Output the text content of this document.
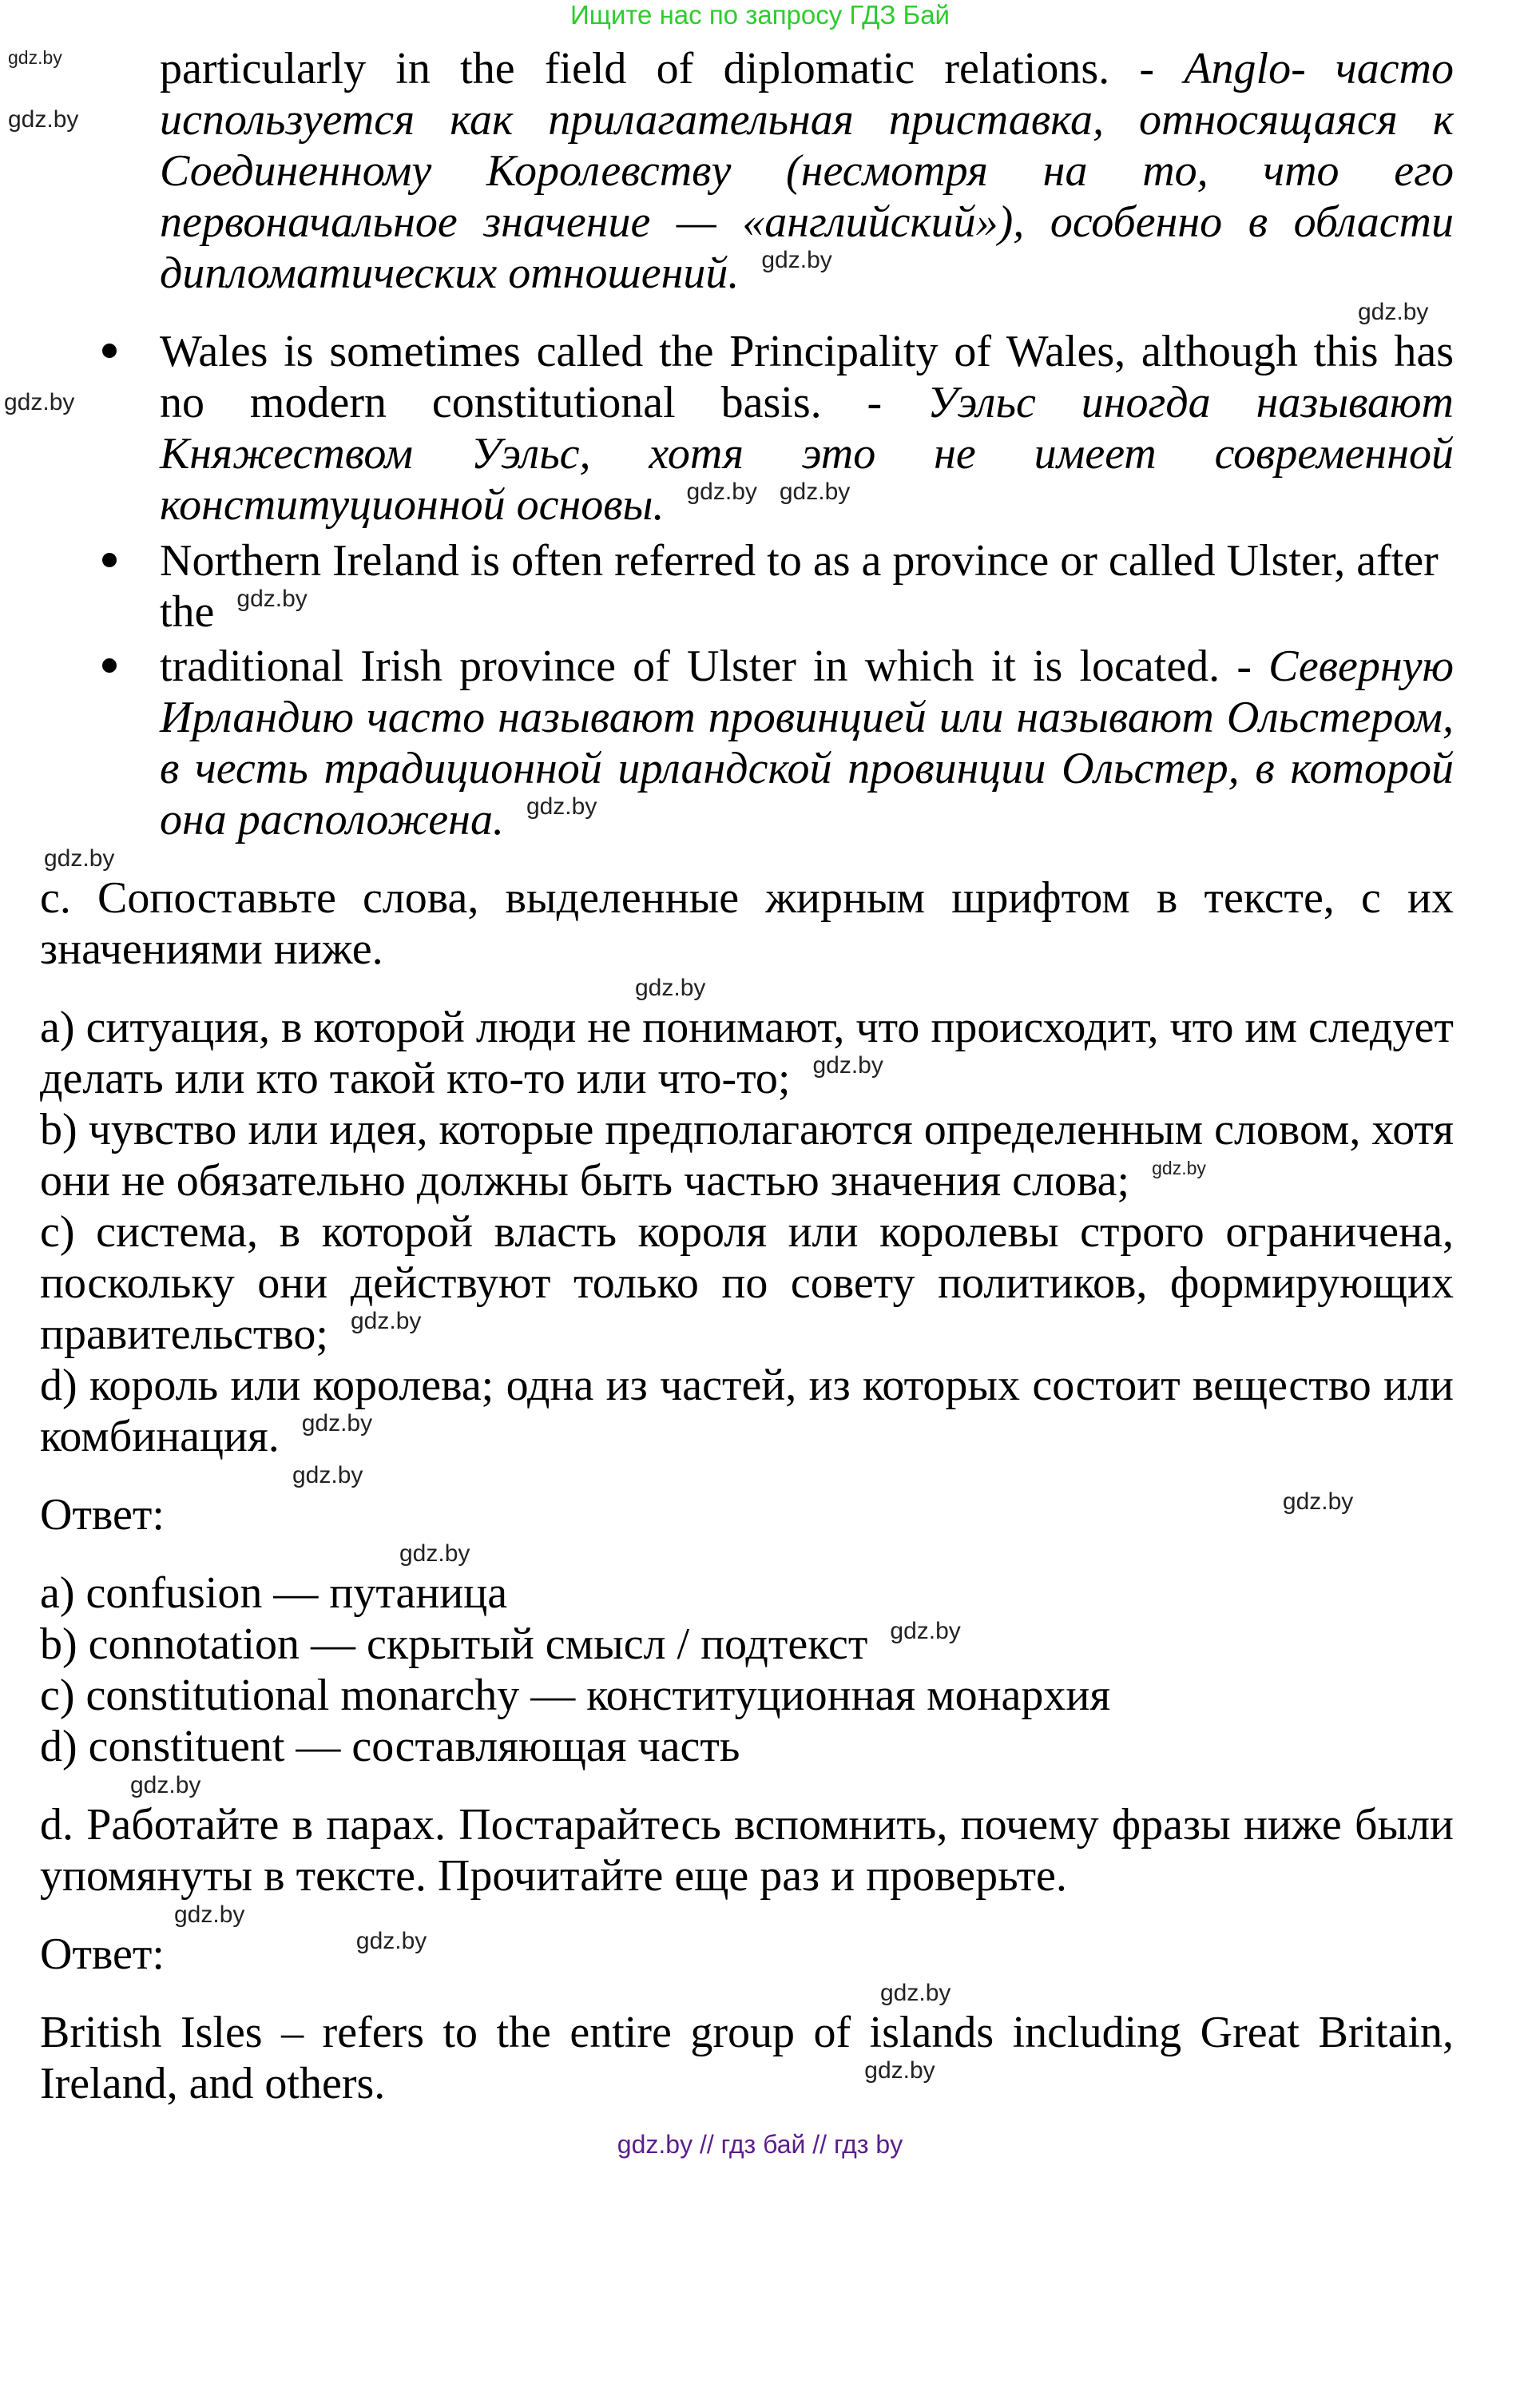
Ищите нас по запросу ГДЗ Бай
gdz.by
gdz.by
particularly in the field of diplomatic relations. - Anglo- часто используется как прилагательная приставка, относящаяся к Соединенному Королевству (несмотря на то, что его первоначальное значение — «английский»), особенно в области дипломатических отношений. gdz.by
gdz.by
gdz.by
Wales is sometimes called the Principality of Wales, although this has no modern constitutional basis. - Уэльс иногда называют Княжеством Уэльс, хотя это не имеет современной конституционной основы. gdz.by gdz.by
Northern Ireland is often referred to as a province or called Ulster, after the gdz.by
traditional Irish province of Ulster in which it is located. - Северную Ирландию часто называют провинцией или называют Ольстером, в честь традиционной ирландской провинции Ольстер, в которой она расположена. gdz.by
gdz.by
c. Сопоставьте слова, выделенные жирным шрифтом в тексте, с их значениями ниже.
gdz.by
a) ситуация, в которой люди не понимают, что происходит, что им следует делать или кто такой кто-то или что-то; gdz.by
b) чувство или идея, которые предполагаются определенным словом, хотя они не обязательно должны быть частью значения слова; gdz.by
c) система, в которой власть короля или королевы строго ограничена, поскольку они действуют только по совету политиков, формирующих правительство; gdz.by
d) король или королева; одна из частей, из которых состоит вещество или комбинация. gdz.by
gdz.by
Ответ:	gdz.by
gdz.by
a) confusion — путаница
b) connotation — скрытый смысл / подтекст gdz.by
c) constitutional monarchy — конституционная монархия
d) constituent — составляющая часть
gdz.by
d. Работайте в парах. Постарайтесь вспомнить, почему фразы ниже были упомянуты в тексте. Прочитайте еще раз и проверьте.
gdz.by
Ответ:	gdz.by
gdz.by
British Isles – refers to the entire group of islands including Great Britain, Ireland, and others.	gdz.by
gdz.by // гдз бай // гдз by
